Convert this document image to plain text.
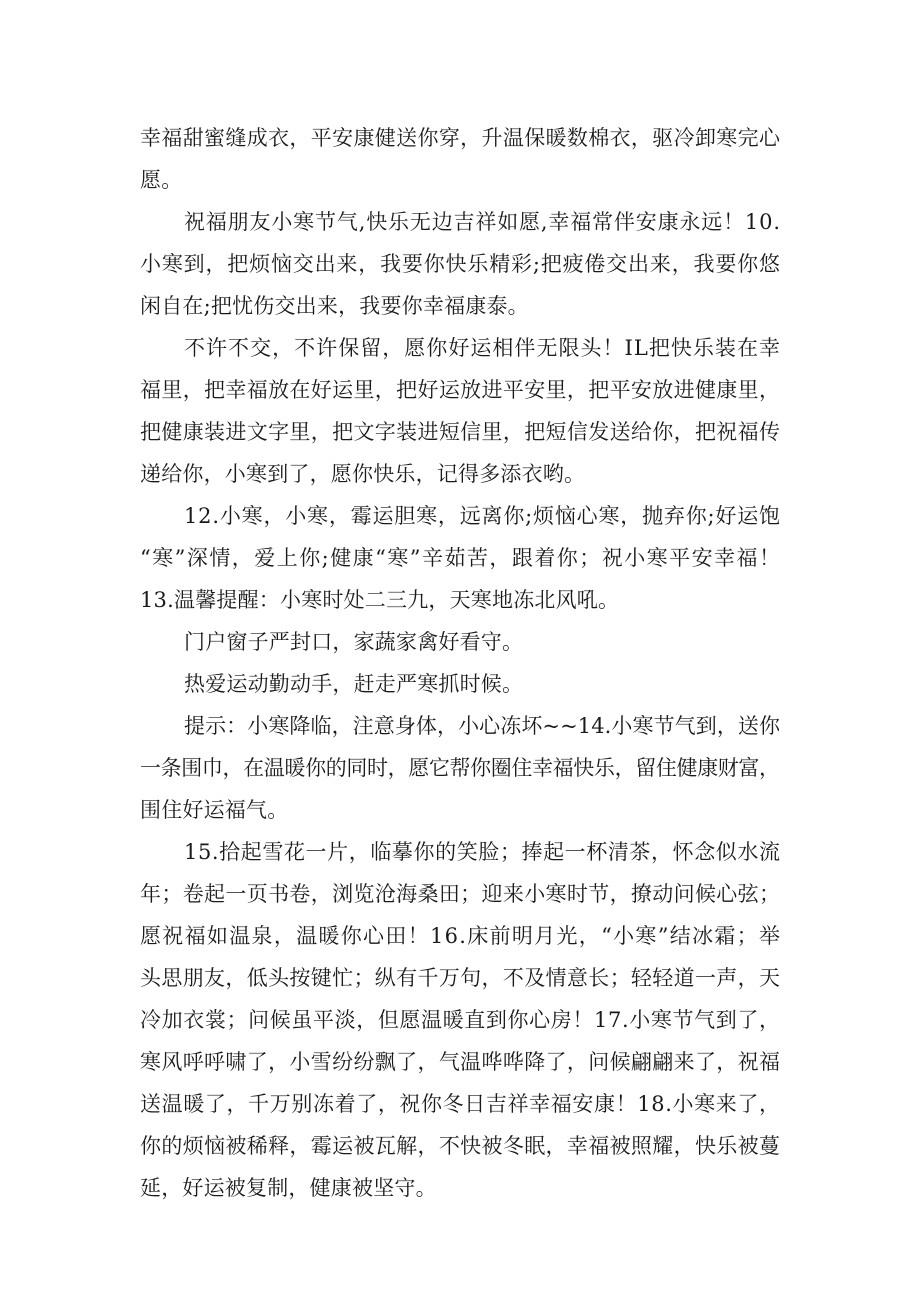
幸福甜蜜缝成衣，平安康健送你穿，升温保暖数棉衣，驱冷卸寒完心
愿。
祝福朋友小寒节气,快乐无边吉祥如愿,幸福常伴安康永远！10.
小寒到，把烦恼交出来，我要你快乐精彩;把疲倦交出来，我要你悠
闲自在;把忧伤交出来，我要你幸福康泰。
不许不交，不许保留，愿你好运相伴无限头！IL把快乐装在幸
福里，把幸福放在好运里，把好运放进平安里，把平安放进健康里，
把健康装进文字里，把文字装进短信里，把短信发送给你，把祝福传
递给你，小寒到了，愿你快乐，记得多添衣哟。
12.小寒，小寒，霉运胆寒，远离你;烦恼心寒，抛弃你;好运饱
“寒”深情，爱上你;健康“寒”辛茹苦，跟着你；祝小寒平安幸福！
13.温馨提醒：小寒时处二三九，天寒地冻北风吼。
门户窗子严封口，家蔬家禽好看守。
热爱运动勤动手，赶走严寒抓时候。
提示：小寒降临，注意身体，小心冻坏~~14.小寒节气到，送你
一条围巾，在温暖你的同时，愿它帮你圈住幸福快乐，留住健康财富，
围住好运福气。
15.拾起雪花一片，临摹你的笑脸；捧起一杯清茶，怀念似水流
年；卷起一页书卷，浏览沧海桑田；迎来小寒时节，撩动问候心弦；
愿祝福如温泉，温暖你心田！16.床前明月光，“小寒”结冰霜；举
头思朋友，低头按键忙；纵有千万句，不及情意长；轻轻道一声，天
冷加衣裳；问候虽平淡，但愿温暖直到你心房！17.小寒节气到了，
寒风呼呼啸了，小雪纷纷飘了，气温哗哗降了，问候翩翩来了，祝福
送温暖了，千万别冻着了，祝你冬日吉祥幸福安康！18.小寒来了，
你的烦恼被稀释，霉运被瓦解，不快被冬眠，幸福被照耀，快乐被蔓
延，好运被复制，健康被坚守。
